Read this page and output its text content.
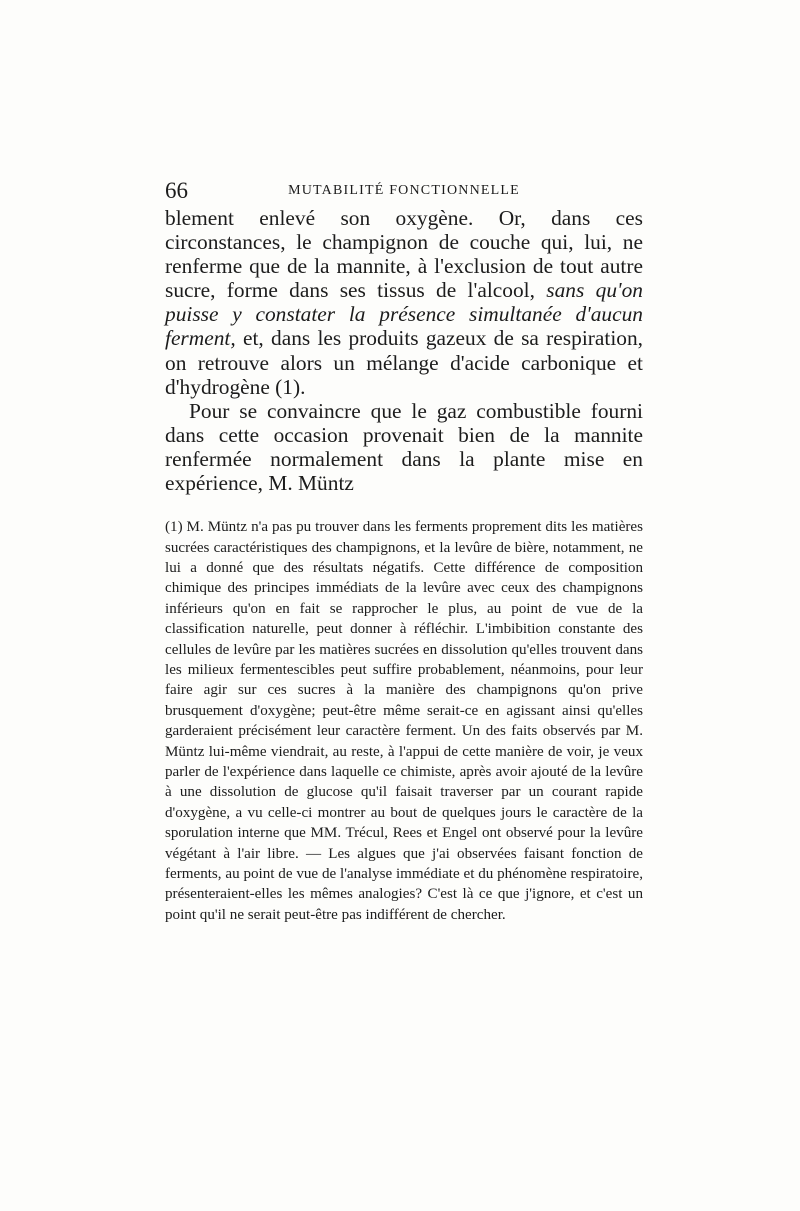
66	MUTABILITÉ FONCTIONNELLE

blement enlevé son oxygène. Or, dans ces circonstances, le champignon de couche qui, lui, ne renferme que de la mannite, à l'exclusion de tout autre sucre, forme dans ses tissus de l'alcool, sans qu'on puisse y constater la présence simultanée d'aucun ferment, et, dans les produits gazeux de sa respiration, on retrouve alors un mélange d'acide carbonique et d'hydrogène (1).

Pour se convaincre que le gaz combustible fourni dans cette occasion provenait bien de la mannite renfermée normalement dans la plante mise en expérience, M. Müntz

(1) M. Müntz n'a pas pu trouver dans les ferments proprement dits les matières sucrées caractéristiques des champignons, et la levûre de bière, notamment, ne lui a donné que des résultats négatifs. Cette différence de composition chimique des principes immédiats de la levûre avec ceux des champignons inférieurs qu'on en fait se rapprocher le plus, au point de vue de la classification naturelle, peut donner à réfléchir. L'imbibition constante des cellules de levûre par les matières sucrées en dissolution qu'elles trouvent dans les milieux fermentescibles peut suffire probablement, néanmoins, pour leur faire agir sur ces sucres à la manière des champignons qu'on prive brusquement d'oxygène; peut-être même serait-ce en agissant ainsi qu'elles garderaient précisément leur caractère ferment. Un des faits observés par M. Müntz lui-même viendrait, au reste, à l'appui de cette manière de voir, je veux parler de l'expérience dans laquelle ce chimiste, après avoir ajouté de la levûre à une dissolution de glucose qu'il faisait traverser par un courant rapide d'oxygène, a vu celle-ci montrer au bout de quelques jours le caractère de la sporulation interne que MM. Trécul, Rees et Engel ont observé pour la levûre végétant à l'air libre. — Les algues que j'ai observées faisant fonction de ferments, au point de vue de l'analyse immédiate et du phénomène respiratoire, présenteraient-elles les mêmes analogies? C'est là ce que j'ignore, et c'est un point qu'il ne serait peut-être pas indifférent de chercher.
